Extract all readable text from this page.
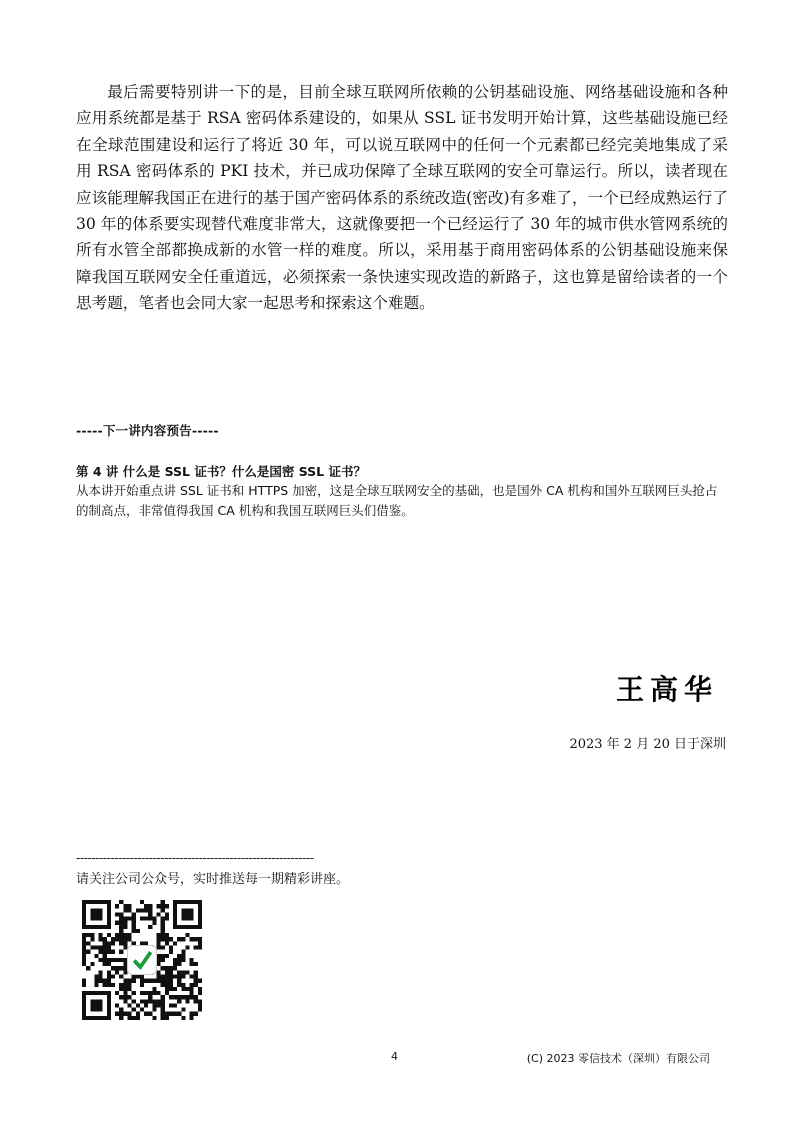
最后需要特别讲一下的是，目前全球互联网所依赖的公钥基础设施、网络基础设施和各种应用系统都是基于 RSA 密码体系建设的，如果从 SSL 证书发明开始计算，这些基础设施已经在全球范围建设和运行了将近 30 年，可以说互联网中的任何一个元素都已经完美地集成了采用 RSA 密码体系的 PKI 技术，并已成功保障了全球互联网的安全可靠运行。所以，读者现在应该能理解我国正在进行的基于国产密码体系的系统改造(密改)有多难了，一个已经成熟运行了 30 年的体系要实现替代难度非常大，这就像要把一个已经运行了 30 年的城市供水管网系统的所有水管全部都换成新的水管一样的难度。所以，采用基于商用密码体系的公钥基础设施来保障我国互联网安全任重道远，必须探索一条快速实现改造的新路子，这也算是留给读者的一个思考题，笔者也会同大家一起思考和探索这个难题。

-----下一讲内容预告-----
第 4 讲 什么是 SSL 证书？什么是国密 SSL 证书？
从本讲开始重点讲 SSL 证书和 HTTPS 加密，这是全球互联网安全的基础，也是国外 CA 机构和国外互联网巨头抢占的制高点，非常值得我国 CA 机构和我国互联网巨头们借鉴。
王高华
2023 年 2 月 20 日于深圳
--------------------------------------------------------------
请关注公司公众号，实时推送每一期精彩讲座。
4	(C) 2023 零信技术（深圳）有限公司
